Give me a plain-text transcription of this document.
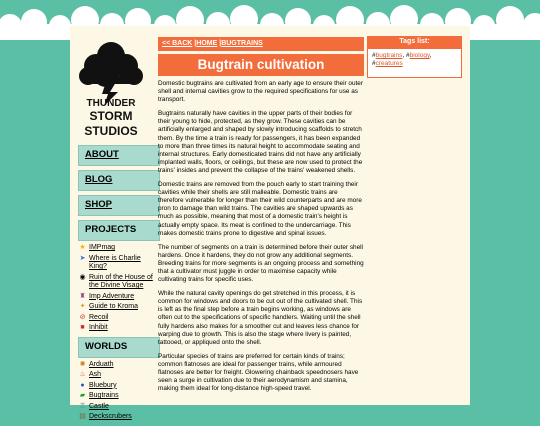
THUNDER
STORM
STUDIOS
ABOUT
BLOG
SHOP
PROJECTS
★ IMPmag
➤ Where is Charlie King?
◉ Ruin of the House of the Divine Visage
♜ Imp Adventure
✦ Guide to Kroma
⊘ Recoil
■ Inhibit
WORLDS
✺ Arduath
♨ Ash
● Bluebury
▰ Bugtrains
♖ Castle
▤ Deckscrubers
<< BACK |HOME |BUGTRAINS
Bugtrain cultivation

Domestic bugtrains are cultivated from an early age to ensure their outer shell and internal cavities grow to the required specifications for use as transport.

Bugtrains naturally have cavities in the upper parts of their bodies for their young to hide, protected, as they grow. These cavities can be artificially enlarged and shaped by slowly introducing scaffolds to stretch them. By the time a train is ready for passengers, it has been expanded to more than three times its natural height to accommodate seating and internal structures. Early domesticated trains did not have any artificially implanted walls, floors, or ceilings, but these are now used to protect the trains' insides and prevent the collapse of the trains' weakened shells.

Domestic trains are removed from the pouch early to start training their cavities while their shells are still malleable. Domestic trains are therefore vulnerable for longer than their wild counterparts and are more pron to damage than wild trains. The cavities are shaped upwards as much as possible, meaning that most of a domestic train's height is actually empty space. Its meat is confined to the undercarriage. This makes domestic trains prone to digestive and spinal issues.

The number of segments on a train is determined before their outer shell hardens. Once it hardens, they do not grow any additional segments. Breeding trains for more segments is an ongoing process and something that a cultivator must juggle in order to maximise capacity while cultivating trains for specific uses.

While the natural cavity openings do get stretched in this process, it is common for windows and doors to be cut out of the cultivated shell. This is left as the final step before a train begins working, as windows are often cut to the specifications of specific handlers. Waiting until the shell fully hardens also makes for a smoother cut and leaves less chance for warping due to growth. This is also the stage where livery is painted, tattooed, or appliqued onto the shell.

Particular species of trains are preferred for certain kinds of trains; common flatnoses are ideal for passenger trains, while armoured flatnoses are better for freight. Glowering chainback speednosers have seen a surge in cultivation due to their aerodynamism and stamina, making them ideal for long-distance high-speed travel.

Tags list:
#bugtrains, #biology, #creatures
